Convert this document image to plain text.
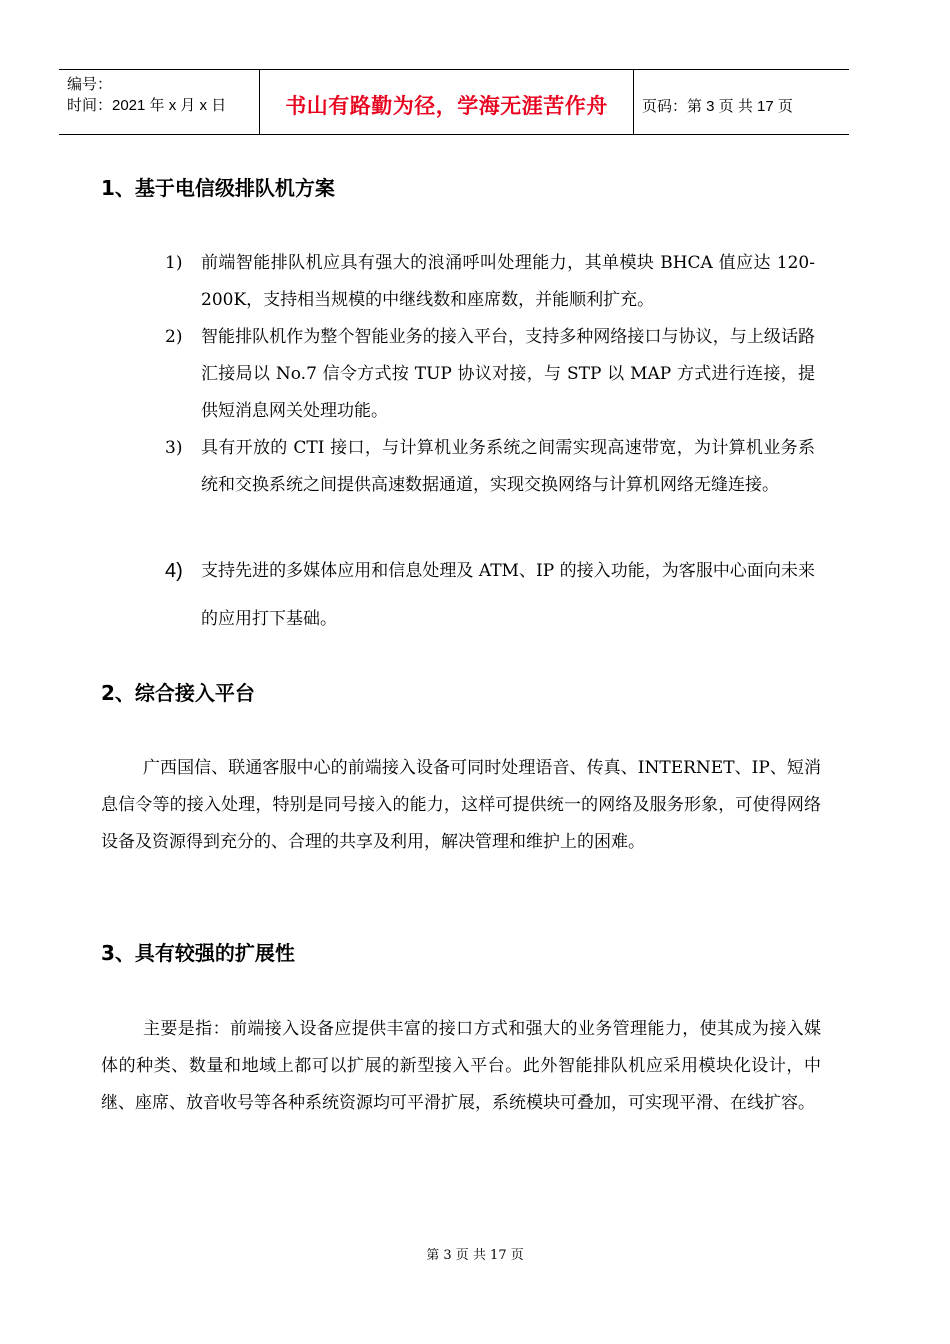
编号：
时间：2021 年 x 月 x 日	书山有路勤为径，学海无涯苦作舟 页码：第 3 页 共 17 页
1、基于电信级排队机方案
1)	前端智能排队机应具有强大的浪涌呼叫处理能力，其单模块 BHCA 值应达 120-200K，支持相当规模的中继线数和座席数，并能顺利扩充。
2)	智能排队机作为整个智能业务的接入平台，支持多种网络接口与协议，与上级话路汇接局以 No.7 信令方式按 TUP 协议对接，与 STP 以 MAP 方式进行连接，提供短消息网关处理功能。
3)	具有开放的 CTI 接口，与计算机业务系统之间需实现高速带宽，为计算机业务系统和交换系统之间提供高速数据通道，实现交换网络与计算机网络无缝连接。
4)	支持先进的多媒体应用和信息处理及 ATM、IP 的接入功能，为客服中心面向未来的应用打下基础。
2、综合接入平台
广西国信、联通客服中心的前端接入设备可同时处理语音、传真、INTERNET、IP、短消息信令等的接入处理，特别是同号接入的能力，这样可提供统一的网络及服务形象，可使得网络设备及资源得到充分的、合理的共享及利用，解决管理和维护上的困难。
3、具有较强的扩展性
主要是指：前端接入设备应提供丰富的接口方式和强大的业务管理能力，使其成为接入媒体的种类、数量和地域上都可以扩展的新型接入平台。此外智能排队机应采用模块化设计，中继、座席、放音收号等各种系统资源均可平滑扩展，系统模块可叠加，可实现平滑、在线扩容。
第 3 页 共 17 页
